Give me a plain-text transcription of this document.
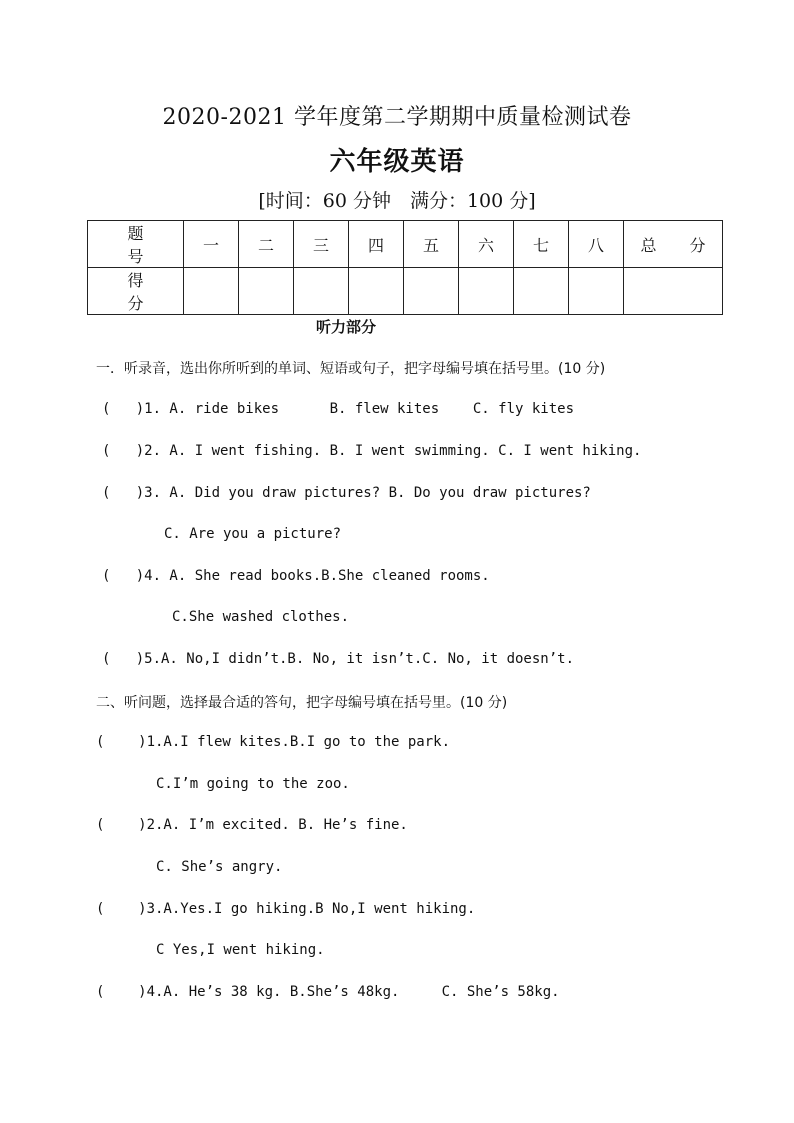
2020-2021 学年度第二学期期中质量检测试卷
六年级英语
[时间：60 分钟　满分：100 分]
题 号	一	二	三	四	五	六	七	八	总 分
得 分									
听力部分
一．听录音，选出你所听到的单词、短语或句子，把字母编号填在括号里。(10 分)
(   )1. A. ride bikes      B. flew kites    C. fly kites
(   )2. A. I went fishing. B. I went swimming. C. I went hiking.
(   )3. A. Did you draw pictures? B. Do you draw pictures?
C. Are you a picture?
(   )4. A. She read books.B.She cleaned rooms.
C.She washed clothes.
(   )5.A. No,I didn’t.B. No, it isn’t.C. No, it doesn’t.
二、听问题，选择最合适的答句，把字母编号填在括号里。(10 分)
(    )1.A.I flew kites.B.I go to the park.
C.I’m going to the zoo.
(    )2.A. I’m excited. B. He’s fine.
C. She’s angry.
(    )3.A.Yes.I go hiking.B No,I went hiking.
C Yes,I went hiking.
(    )4.A. He’s 38 kg. B.She’s 48kg.     C. She’s 58kg.
